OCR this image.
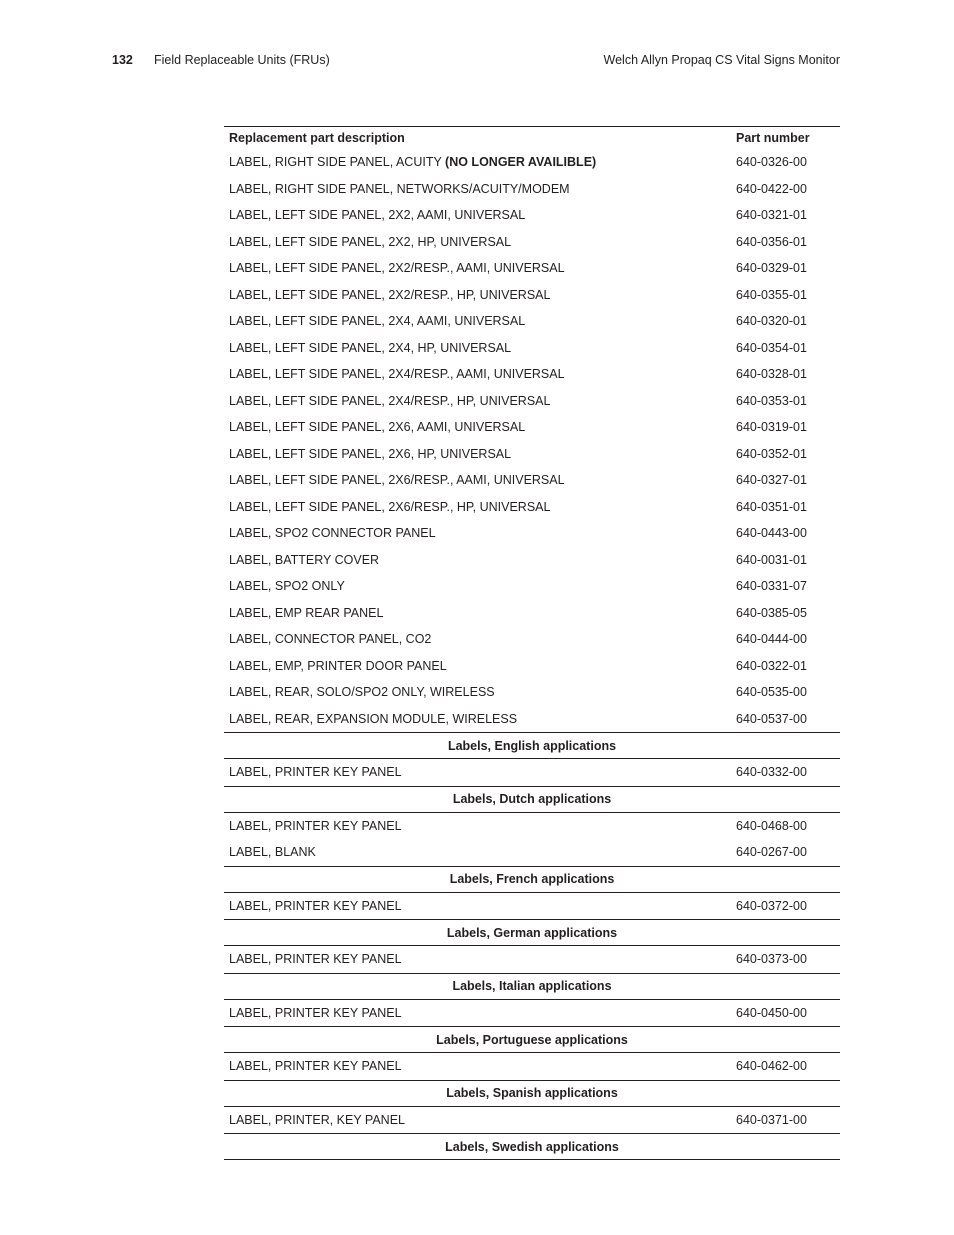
132 Field Replaceable Units (FRUs)	Welch Allyn Propaq CS Vital Signs Monitor
Replacement part description	Part number
LABEL, RIGHT SIDE PANEL, ACUITY (NO LONGER AVAILIBLE)	640-0326-00
LABEL, RIGHT SIDE PANEL, NETWORKS/ACUITY/MODEM	640-0422-00
LABEL, LEFT SIDE PANEL, 2X2, AAMI, UNIVERSAL	640-0321-01
LABEL, LEFT SIDE PANEL, 2X2, HP, UNIVERSAL	640-0356-01
LABEL, LEFT SIDE PANEL, 2X2/RESP., AAMI, UNIVERSAL	640-0329-01
LABEL, LEFT SIDE PANEL, 2X2/RESP., HP, UNIVERSAL	640-0355-01
LABEL, LEFT SIDE PANEL, 2X4, AAMI, UNIVERSAL	640-0320-01
LABEL, LEFT SIDE PANEL, 2X4, HP, UNIVERSAL	640-0354-01
LABEL, LEFT SIDE PANEL, 2X4/RESP., AAMI, UNIVERSAL	640-0328-01
LABEL, LEFT SIDE PANEL, 2X4/RESP., HP, UNIVERSAL	640-0353-01
LABEL, LEFT SIDE PANEL, 2X6, AAMI, UNIVERSAL	640-0319-01
LABEL, LEFT SIDE PANEL, 2X6, HP, UNIVERSAL	640-0352-01
LABEL, LEFT SIDE PANEL, 2X6/RESP., AAMI, UNIVERSAL	640-0327-01
LABEL, LEFT SIDE PANEL, 2X6/RESP., HP, UNIVERSAL	640-0351-01
LABEL, SPO2 CONNECTOR PANEL	640-0443-00
LABEL, BATTERY COVER	640-0031-01
LABEL, SPO2 ONLY	640-0331-07
LABEL, EMP REAR PANEL	640-0385-05
LABEL, CONNECTOR PANEL, CO2	640-0444-00
LABEL, EMP, PRINTER DOOR PANEL	640-0322-01
LABEL, REAR, SOLO/SPO2 ONLY, WIRELESS	640-0535-00
LABEL, REAR, EXPANSION MODULE, WIRELESS	640-0537-00
Labels, English applications
LABEL, PRINTER KEY PANEL	640-0332-00
Labels, Dutch applications
LABEL, PRINTER KEY PANEL	640-0468-00
LABEL, BLANK	640-0267-00
Labels, French applications
LABEL, PRINTER KEY PANEL	640-0372-00
Labels, German applications
LABEL, PRINTER KEY PANEL	640-0373-00
Labels, Italian applications
LABEL, PRINTER KEY PANEL	640-0450-00
Labels, Portuguese applications
LABEL, PRINTER KEY PANEL	640-0462-00
Labels, Spanish applications
LABEL, PRINTER, KEY PANEL	640-0371-00
Labels, Swedish applications
